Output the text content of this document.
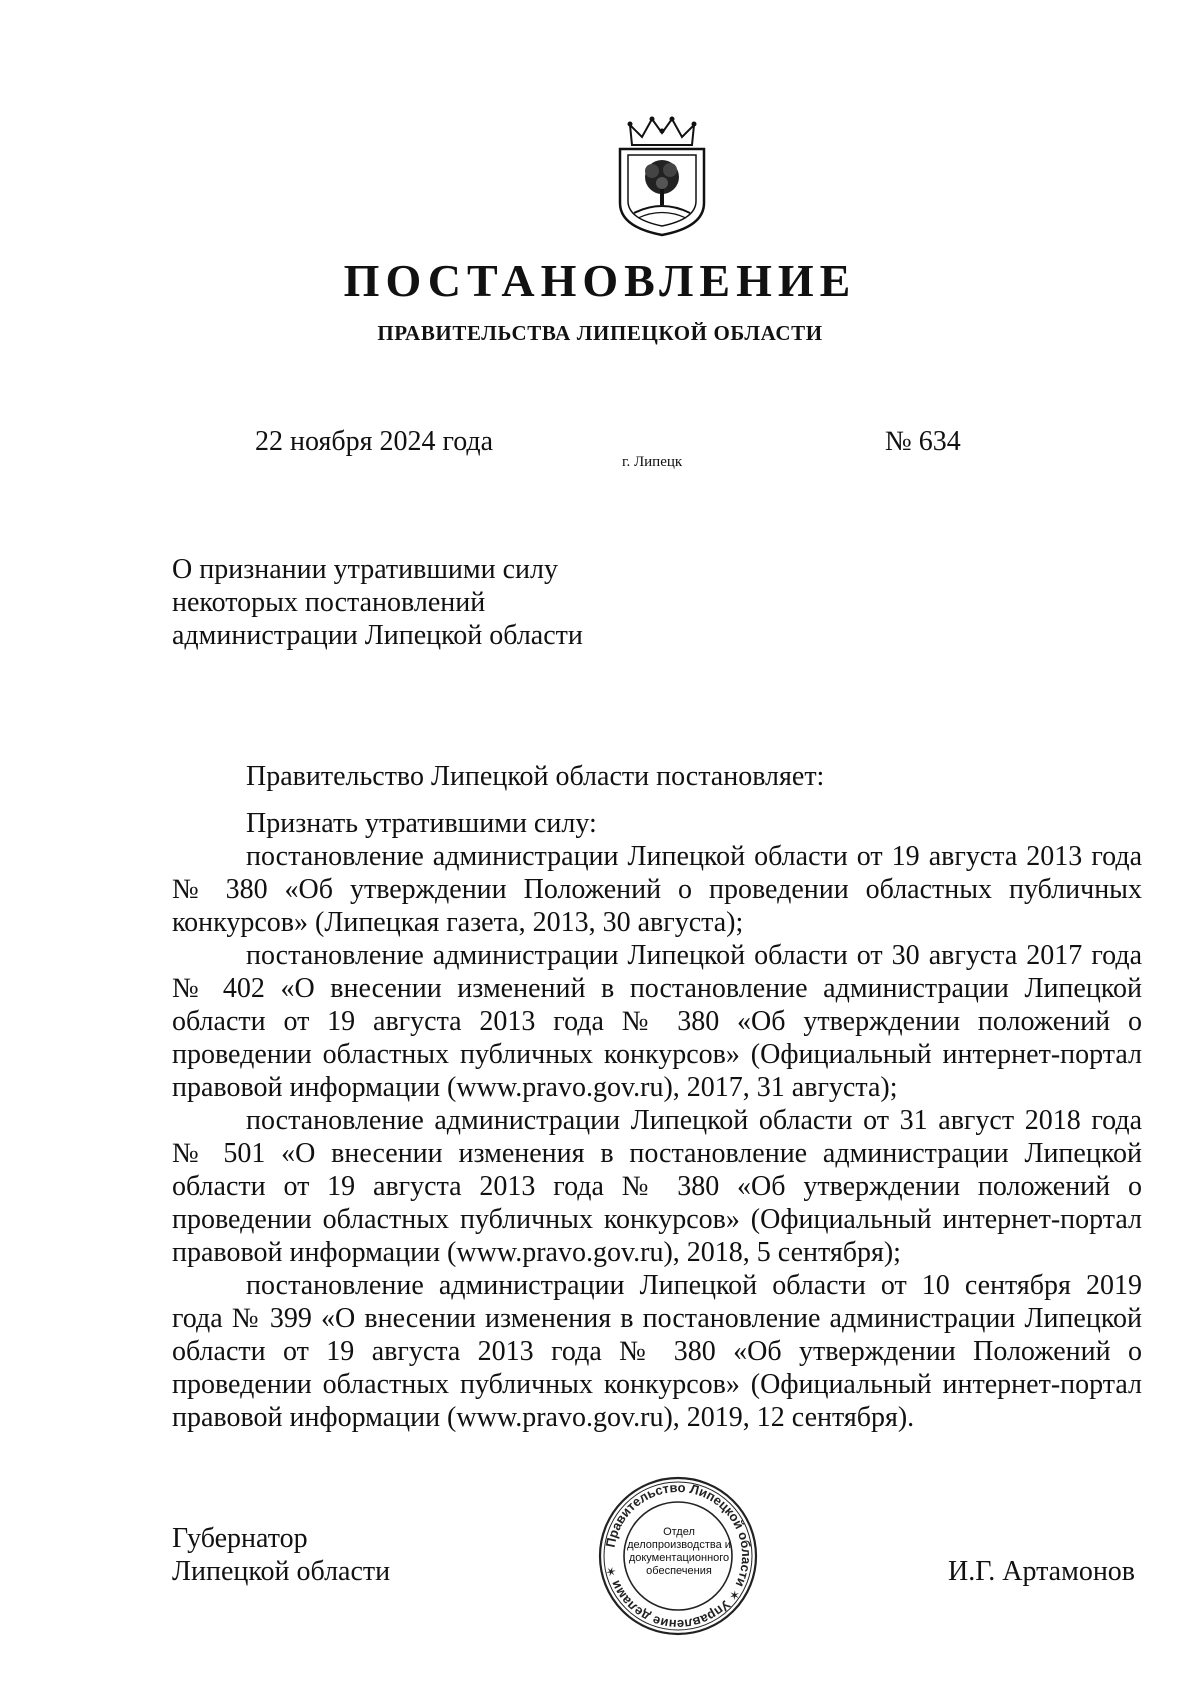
ПОСТАНОВЛЕНИЕ
ПРАВИТЕЛЬСТВА ЛИПЕЦКОЙ ОБЛАСТИ
22 ноября 2024 года
г. Липецк
№ 634
О признании утратившими силу
некоторых постановлений
администрации Липецкой области
Правительство Липецкой области постановляет:
Признать утратившими силу:
постановление администрации Липецкой области от 19 августа 2013 года № 380 «Об утверждении Положений о проведении областных публичных конкурсов» (Липецкая газета, 2013, 30 августа);
постановление администрации Липецкой области от 30 августа 2017 года № 402 «О внесении изменений в постановление администрации Липецкой области от 19 августа 2013 года № 380 «Об утверждении положений о проведении областных публичных конкурсов» (Официальный интернет-портал правовой информации (www.pravo.gov.ru), 2017, 31 августа);
постановление администрации Липецкой области от 31 август 2018 года № 501 «О внесении изменения в постановление администрации Липецкой области от 19 августа 2013 года № 380 «Об утверждении положений о проведении областных публичных конкурсов» (Официальный интернет-портал правовой информации (www.pravo.gov.ru), 2018, 5 сентября);
постановление администрации Липецкой области от 10 сентября 2019 года № 399 «О внесении изменения в постановление администрации Липецкой области от 19 августа 2013 года № 380 «Об утверждении Положений о проведении областных публичных конкурсов» (Официальный интернет-портал правовой информации (www.pravo.gov.ru), 2019, 12 сентября).
Губернатор
Липецкой области	И.Г. Артамонов
Правительство Липецкой области ✶ Управление делами ✶
Отдел
делопроизводства и
документационного
обеспечения
